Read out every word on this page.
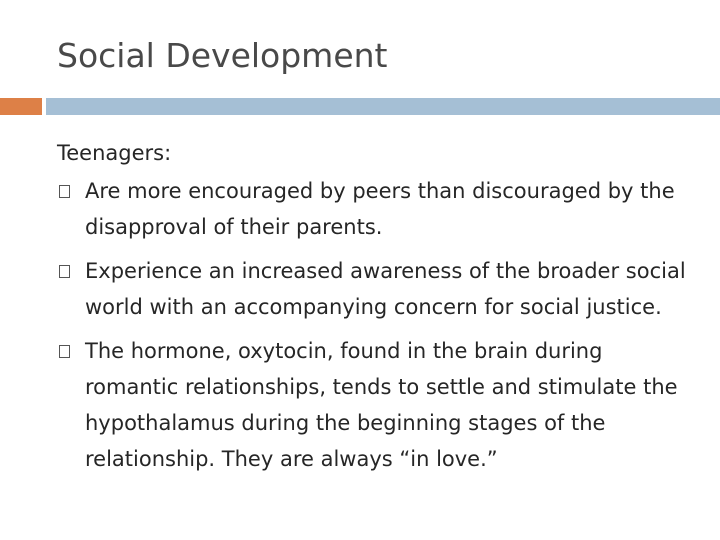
Social Development

Teenagers:

Are more encouraged by peers than discouraged by the disapproval of their parents.
Experience an increased awareness of the broader social world with an accompanying concern for social justice.
The hormone, oxytocin, found in the brain during romantic relationships, tends to settle and stimulate the hypothalamus during the beginning stages of the relationship. They are always “in love.”
